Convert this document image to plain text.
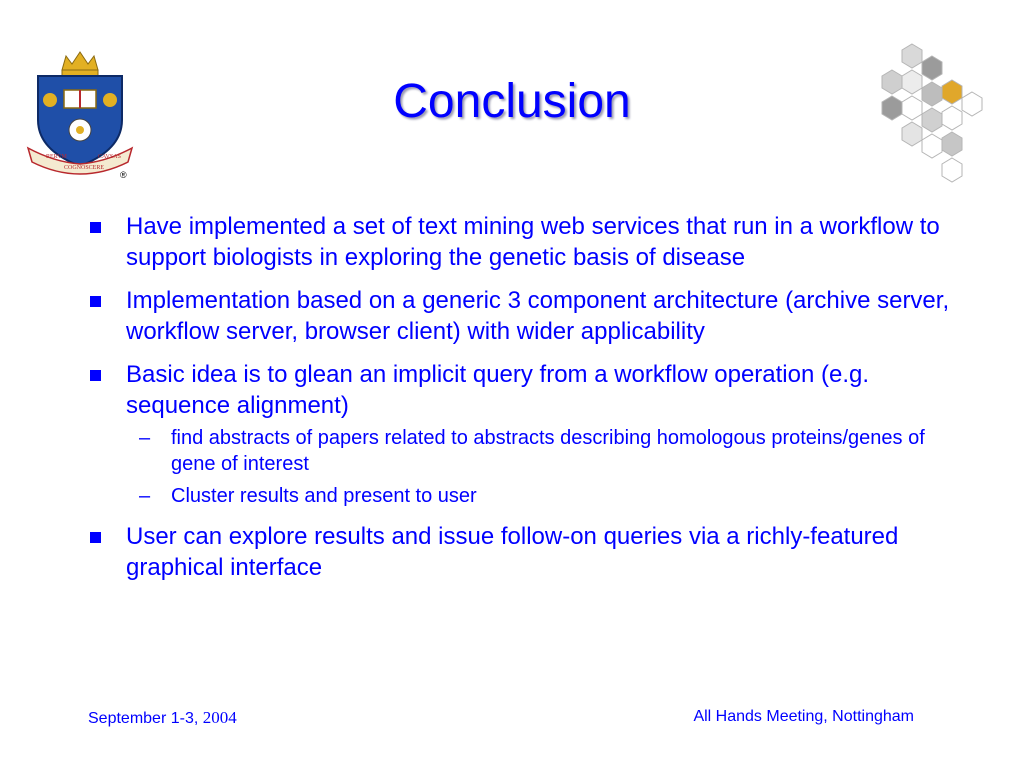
RERVM
COGNOSCERE
CAVSAS
®
Conclusion
Have implemented a set of text mining web services that run in a workflow to support biologists in exploring the genetic basis of disease
Implementation based on a generic 3 component architecture (archive server, workflow server, browser client) with wider applicability
Basic idea is to glean an implicit query from a workflow operation (e.g. sequence alignment)
– find abstracts of papers related to abstracts describing homologous proteins/genes of gene of interest
– Cluster results and present to user
User can explore results and issue follow-on queries via a richly-featured graphical interface
September 1-3, 2004	All Hands Meeting, Nottingham
